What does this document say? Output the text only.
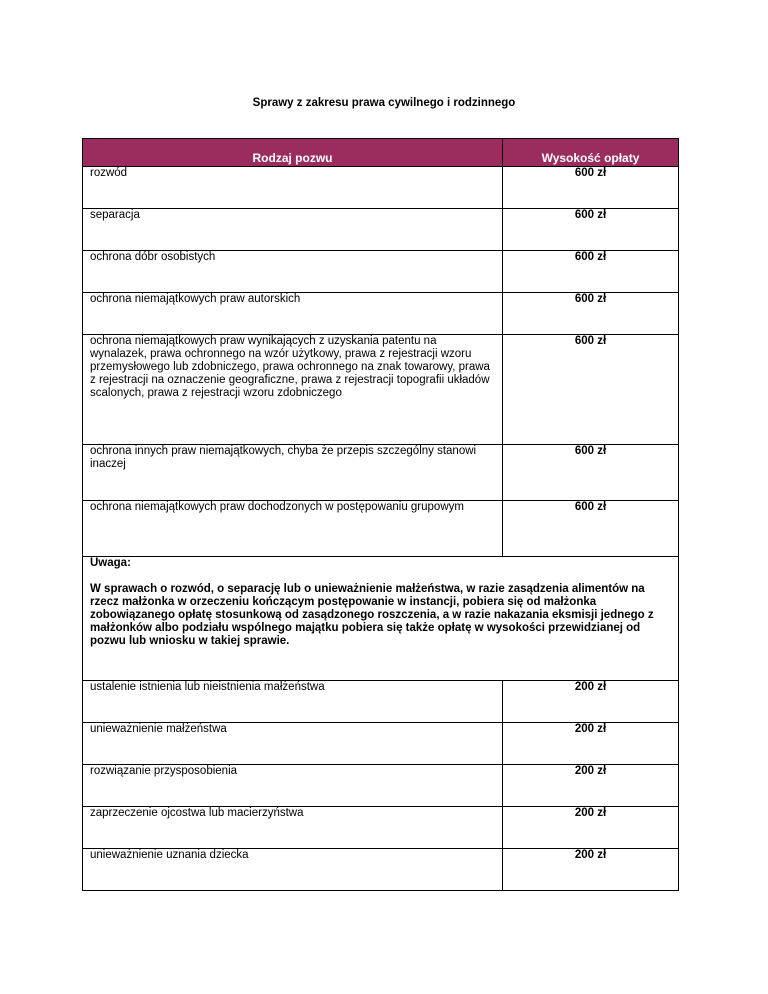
Sprawy z zakresu prawa cywilnego i rodzinnego
Rodzaj pozwu	Wysokość opłaty
rozwód	600 zł
separacja	600 zł
ochrona dóbr osobistych	600 zł
ochrona niemajątkowych praw autorskich	600 zł
ochrona niemajątkowych praw wynikających z uzyskania patentu na wynalazek, prawa ochronnego na wzór użytkowy, prawa z rejestracji wzoru przemysłowego lub zdobniczego, prawa ochronnego na znak towarowy, prawa z rejestracji na oznaczenie geograficzne, prawa z rejestracji topografii układów scalonych, prawa z rejestracji wzoru zdobniczego	600 zł
ochrona innych praw niemajątkowych, chyba że przepis szczególny stanowi inaczej	600 zł
ochrona niemajątkowych praw dochodzonych w postępowaniu grupowym	600 zł

Uwaga:

W sprawach o rozwód, o separację lub o unieważnienie małżeństwa, w razie zasądzenia alimentów na rzecz małżonka w orzeczeniu kończącym postępowanie w instancji, pobiera się od małżonka zobowiązanego opłatę stosunkową od zasądzonego roszczenia, a w razie nakazania eksmisji jednego z małżonków albo podziału wspólnego majątku pobiera się także opłatę w wysokości przewidzianej od pozwu lub wniosku w takiej sprawie.	

ustalenie istnienia lub nieistnienia małżeństwa	200 zł
unieważnienie małżeństwa	200 zł
rozwiązanie przysposobienia	200 zł
zaprzeczenie ojcostwa lub macierzyństwa	200 zł
unieważnienie uznania dziecka	200 zł
